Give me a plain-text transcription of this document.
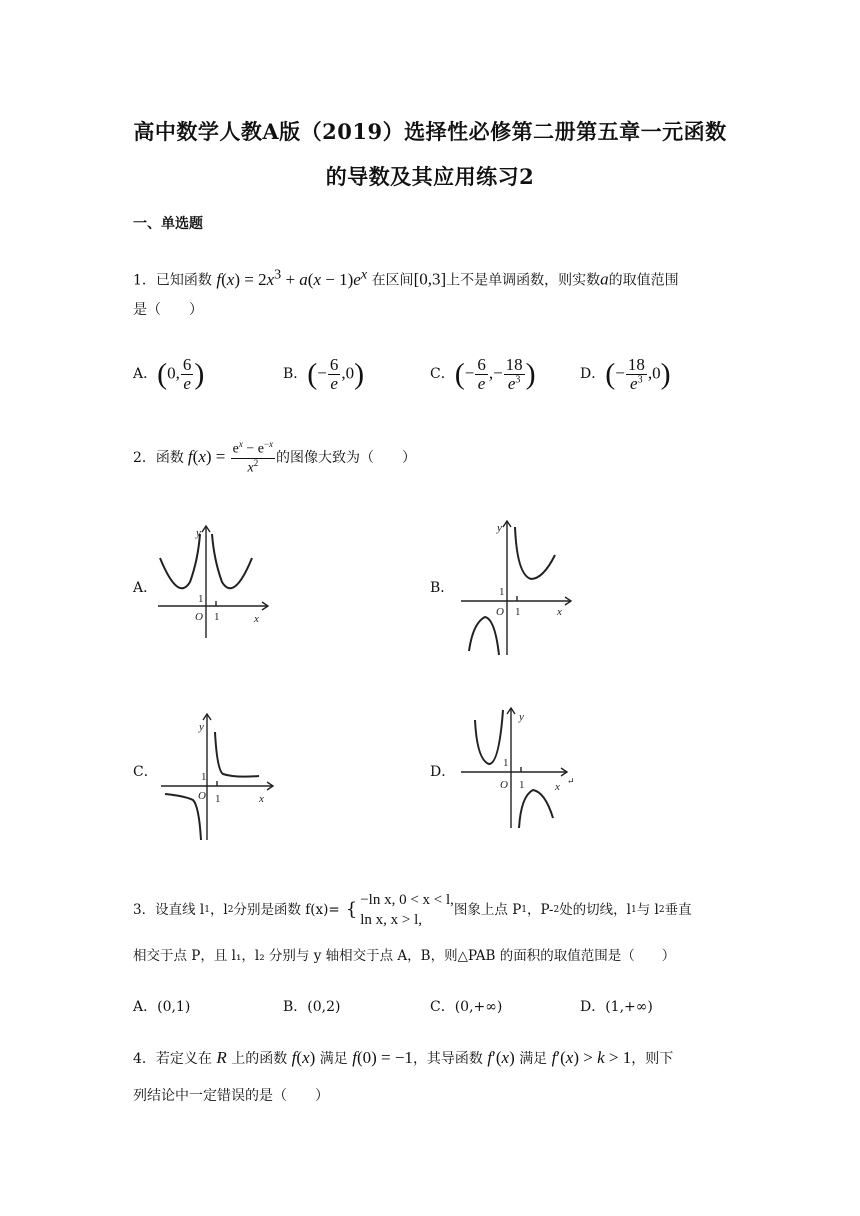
高中数学人教A版（2019）选择性必修第二册第五章一元函数
的导数及其应用练习2
一、单选题
1．已知函数 $f(x) = 2x^3 + a(x - 1)e^x$ 在区间[0,3]上不是单调函数，则实数a的取值范围
是（　　）
A． (0, $\frac{6}{e}$ )	B． (− $\frac{6}{e} ,0$)	C． (− $\frac{6}{e}$ ,− $\frac{18}{e^3}$ )	D． (− $\frac{18}{e^3} ,0$)
2． 函数 $f(x) = \frac{e^x - e^{-x}}{x^2}$ 的图像大致为（　　）
A．	B．
C．	D．
y
1
O 1	x
y
1
O 1	x
y
1
O 1	x
y
1
O 1	x ↵
3． 设直线 l 1 ，l 2 分别是函数 f(x)= { −ln x, 0 < x < l,
ln x, x > l,
图象上点 P 1 ，P- 2 处的切线，l 1 与 l 2 垂直
相交于点 P，且 l₁，l₂ 分别与 y 轴相交于点 A，B，则△PAB 的面积的取值范围是（　　）
A．(0,1)	B．(0,2)	C．(0,+∞)	D．(1,+∞)
4．若定义在 R 上的函数 f(x) 满足 f(0) = −1，其导函数 f′(x) 满足 f′(x) > k > 1，则下
列结论中一定错误的是（　　）
